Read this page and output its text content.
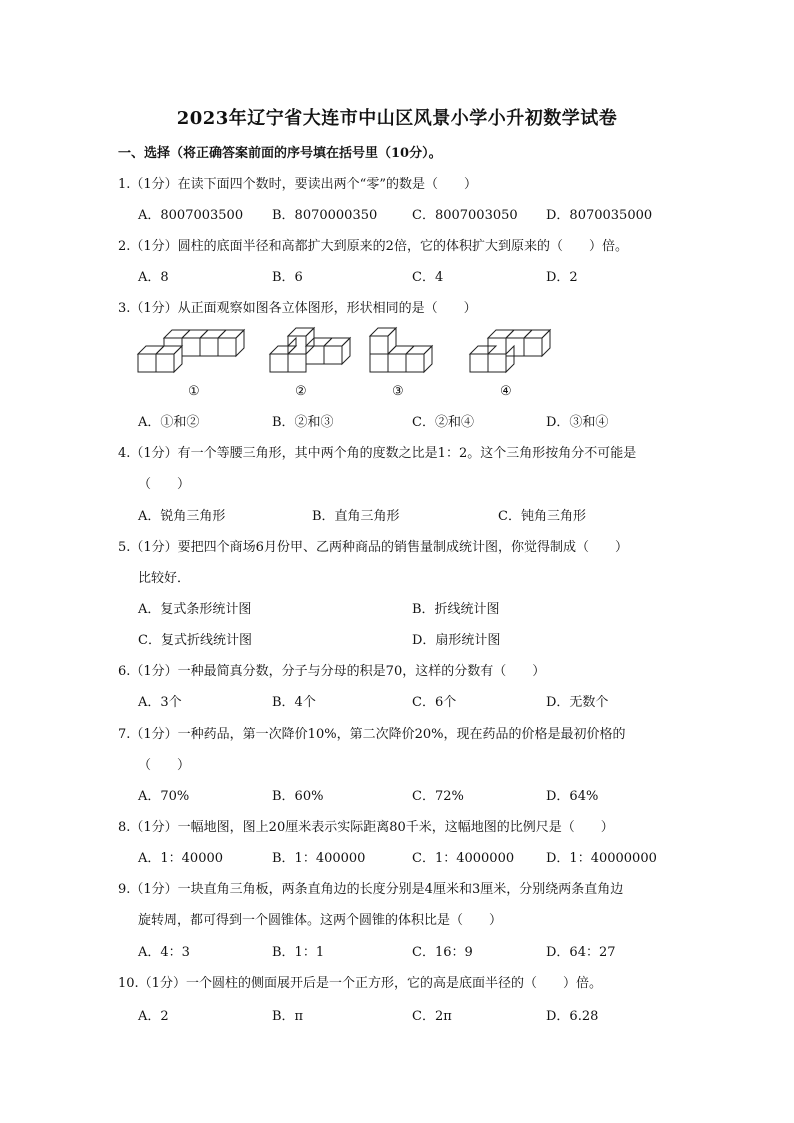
2023年辽宁省大连市中山区风景小学小升初数学试卷
一、选择（将正确答案前面的序号填在括号里（10分）。
1.（1分）在读下面四个数时，要读出两个“零”的数是（　　）
A．8007003500 B．8070000350	C．8007003050 D．8070035000
2.（1分）圆柱的底面半径和高都扩大到原来的2倍，它的体积扩大到原来的（　　）倍。
A．8	B．6	C．4	D．2
3.（1分）从正面观察如图各立体图形，形状相同的是（　　）
①	②	③	④
A．①和②	B．②和③	C．②和④	D．③和④
4.（1分）有一个等腰三角形，其中两个角的度数之比是1：2。这个三角形按角分不可能是
（　　）
A．锐角三角形	B．直角三角形	C．钝角三角形
5.（1分）要把四个商场6月份甲、乙两种商品的销售量制成统计图，你觉得制成（　　）
比较好．
A．复式条形统计图	B．折线统计图
C．复式折线统计图	D．扇形统计图
6.（1分）一种最简真分数，分子与分母的积是70，这样的分数有（　　）
A．3个	B．4个	C．6个	D．无数个
7.（1分）一种药品，第一次降价10%，第二次降价20%，现在药品的价格是最初价格的
（　　）
A．70%	B．60%	C．72%	D．64%
8.（1分）一幅地图，图上20厘米表示实际距离80千米，这幅地图的比例尺是（　　）
A．1：40000	B．1：400000	C．1：4000000 D．1：40000000
9.（1分）一块直角三角板，两条直角边的长度分别是4厘米和3厘米，分别绕两条直角边
旋转周，都可得到一个圆锥体。这两个圆锥的体积比是（　　）
A．4：3	B．1：1	C．16：9	D．64：27
10.（1分）一个圆柱的侧面展开后是一个正方形，它的高是底面半径的（　　）倍。
A．2	B．π	C．2π	D．6.28
